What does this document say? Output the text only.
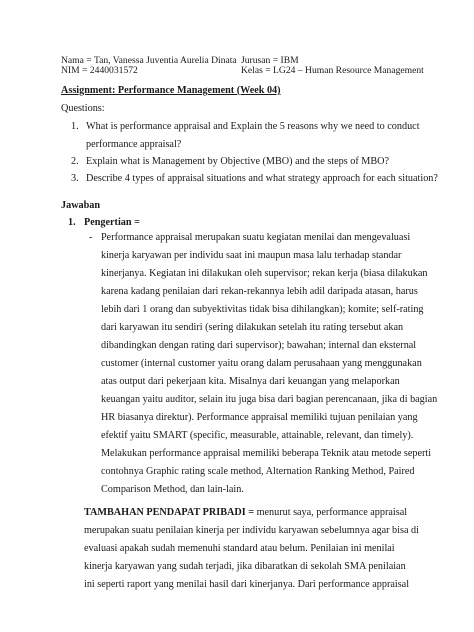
Nama = Tan, Vanessa Juventia Aurelia Dinata
NIM = 2440031572
Jurusan = IBM
Kelas = LG24 – Human Resource Management
Assignment: Performance Management (Week 04)
Questions:
1. What is performance appraisal and Explain the 5 reasons why we need to conduct
performance appraisal?
2. Explain what is Management by Objective (MBO) and the steps of MBO?
3. Describe 4 types of appraisal situations and what strategy approach for each situation?
Jawaban
1. Pengertian =
- Performance appraisal merupakan suatu kegiatan menilai dan mengevaluasi
kinerja karyawan per individu saat ini maupun masa lalu terhadap standar
kinerjanya. Kegiatan ini dilakukan oleh supervisor; rekan kerja (biasa dilakukan
karena kadang penilaian dari rekan-rekannya lebih adil daripada atasan, harus
lebih dari 1 orang dan subyektivitas tidak bisa dihilangkan); komite; self-rating
dari karyawan itu sendiri (sering dilakukan setelah itu rating tersebut akan
dibandingkan dengan rating dari supervisor); bawahan; internal dan eksternal
customer (internal customer yaitu orang dalam perusahaan yang menggunakan
atas output dari pekerjaan kita. Misalnya dari keuangan yang melaporkan
keuangan yaitu auditor, selain itu juga bisa dari bagian perencanaan, jika di bagian
HR biasanya direktur). Performance appraisal memiliki tujuan penilaian yang
efektif yaitu SMART (specific, measurable, attainable, relevant, dan timely).
Melakukan performance appraisal memiliki beberapa Teknik atau metode seperti
contohnya Graphic rating scale method, Alternation Ranking Method, Paired
Comparison Method, dan lain-lain.
TAMBAHAN PENDAPAT PRIBADI = menurut saya, performance appraisal
merupakan suatu penilaian kinerja per individu karyawan sebelumnya agar bisa di
evaluasi apakah sudah memenuhi standard atau belum. Penilaian ini menilai
kinerja karyawan yang sudah terjadi, jika dibaratkan di sekolah SMA penilaian
ini seperti raport yang menilai hasil dari kinerjanya. Dari performance appraisal
